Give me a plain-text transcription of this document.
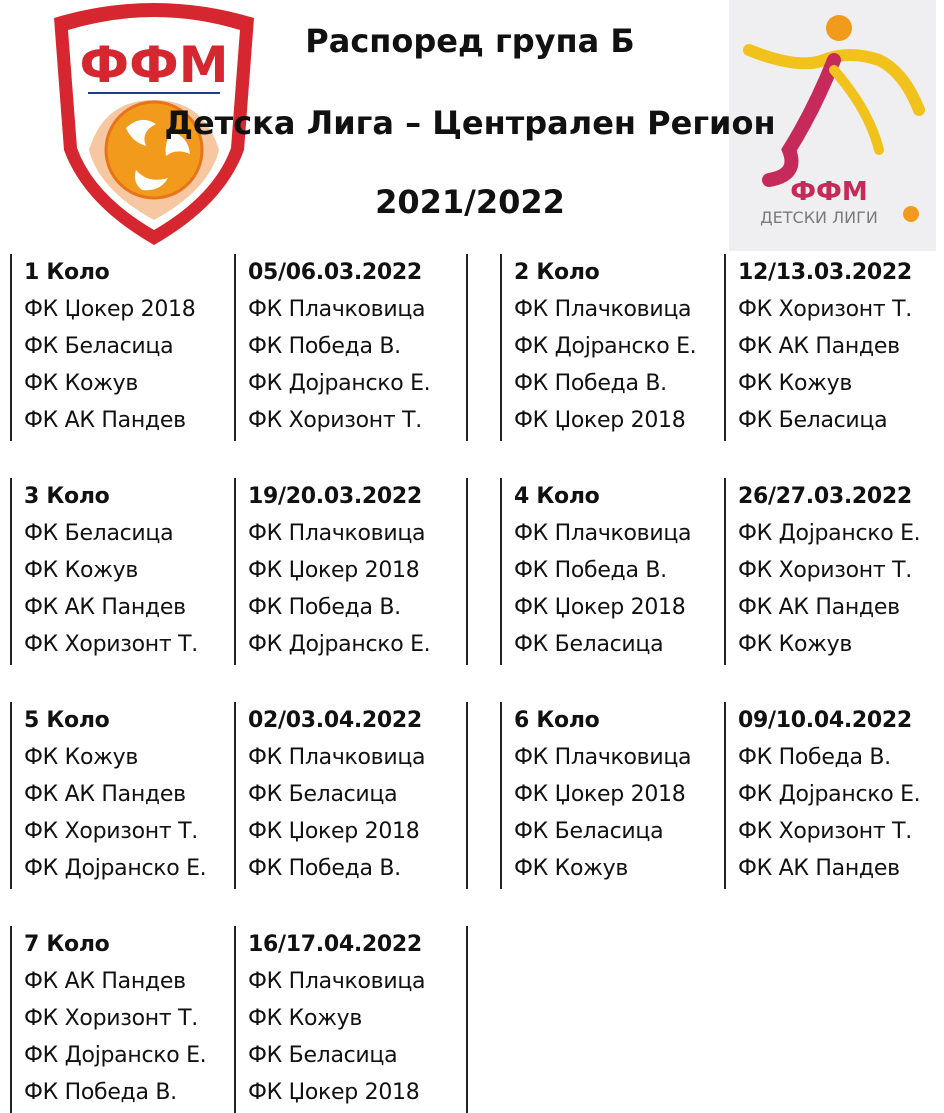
ФФМ
ФФМ
ДЕТСКИ ЛИГИ
Распоред група Б
Детска Лига – Централен Регион
2021/2022
1 Коло
ФК Џокер 2018
ФК Беласица
ФК Кожув
ФК АК Пандев
05/06.03.2022
ФК Плачковица
ФК Победа В.
ФК Дојранско Е.
ФК Хоризонт Т.
2 Коло
ФК Плачковица
ФК Дојранско Е.
ФК Победа В.
ФК Џокер 2018
12/13.03.2022
ФК Хоризонт Т.
ФК АК Пандев
ФК Кожув
ФК Беласица
3 Коло
ФК Беласица
ФК Кожув
ФК АК Пандев
ФК Хоризонт Т.
19/20.03.2022
ФК Плачковица
ФК Џокер 2018
ФК Победа В.
ФК Дојранско Е.
4 Коло
ФК Плачковица
ФК Победа В.
ФК Џокер 2018
ФК Беласица
26/27.03.2022
ФК Дојранско Е.
ФК Хоризонт Т.
ФК АК Пандев
ФК Кожув
5 Коло
ФК Кожув
ФК АК Пандев
ФК Хоризонт Т.
ФК Дојранско Е.
02/03.04.2022
ФК Плачковица
ФК Беласица
ФК Џокер 2018
ФК Победа В.
6 Коло
ФК Плачковица
ФК Џокер 2018
ФК Беласица
ФК Кожув
09/10.04.2022
ФК Победа В.
ФК Дојранско Е.
ФК Хоризонт Т.
ФК АК Пандев
7 Коло
ФК АК Пандев
ФК Хоризонт Т.
ФК Дојранско Е.
ФК Победа В.
16/17.04.2022
ФК Плачковица
ФК Кожув
ФК Беласица
ФК Џокер 2018
